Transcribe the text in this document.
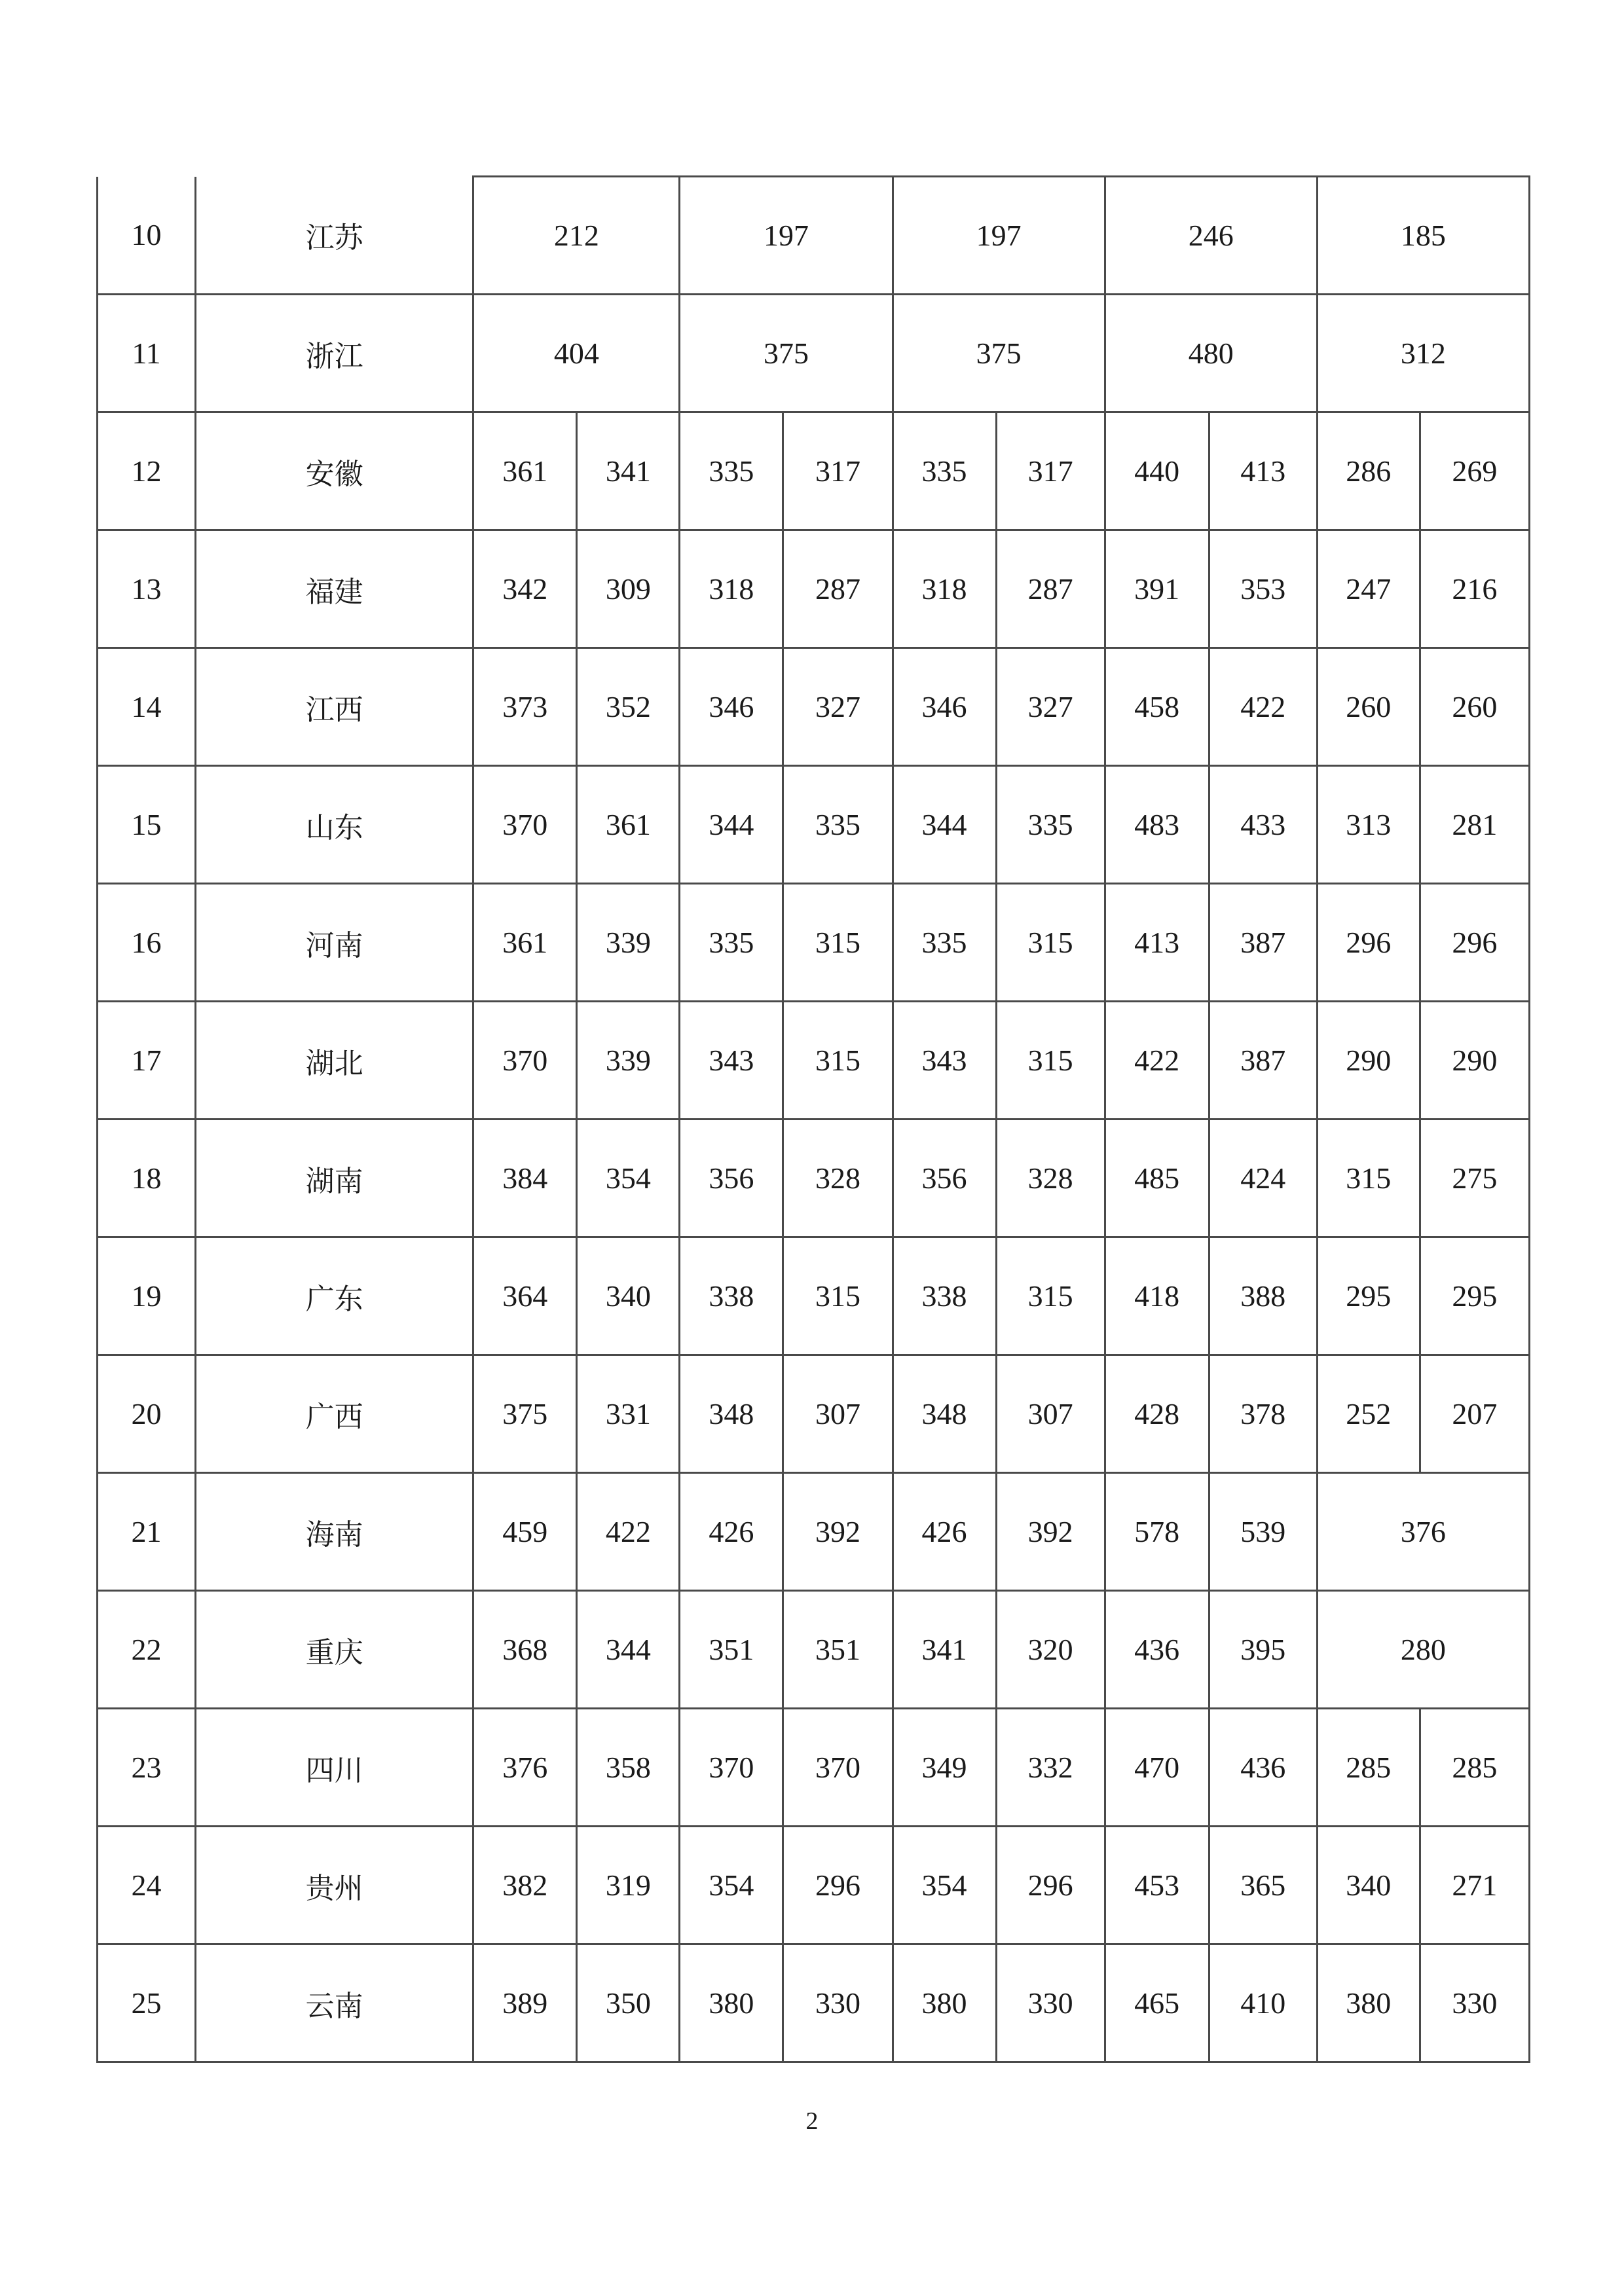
10	江苏	212		197		197		246		185	
11	浙江	404		375		375		480		312	
12	安徽	361	341	335	317	335	317	440	413	286	269
13	福建	342	309	318	287	318	287	391	353	247	216
14	江西	373	352	346	327	346	327	458	422	260	260
15	山东	370	361	344	335	344	335	483	433	313	281
16	河南	361	339	335	315	335	315	413	387	296	296
17	湖北	370	339	343	315	343	315	422	387	290	290
18	湖南	384	354	356	328	356	328	485	424	315	275
19	广东	364	340	338	315	338	315	418	388	295	295
20	广西	375	331	348	307	348	307	428	378	252	207
21	海南	459	422	426	392	426	392	578	539	376	
22	重庆	368	344	351	351	341	320	436	395	280	
23	四川	376	358	370	370	349	332	470	436	285	285
24	贵州	382	319	354	296	354	296	453	365	340	271
25	云南	389	350	380	330	380	330	465	410	380	330
2
